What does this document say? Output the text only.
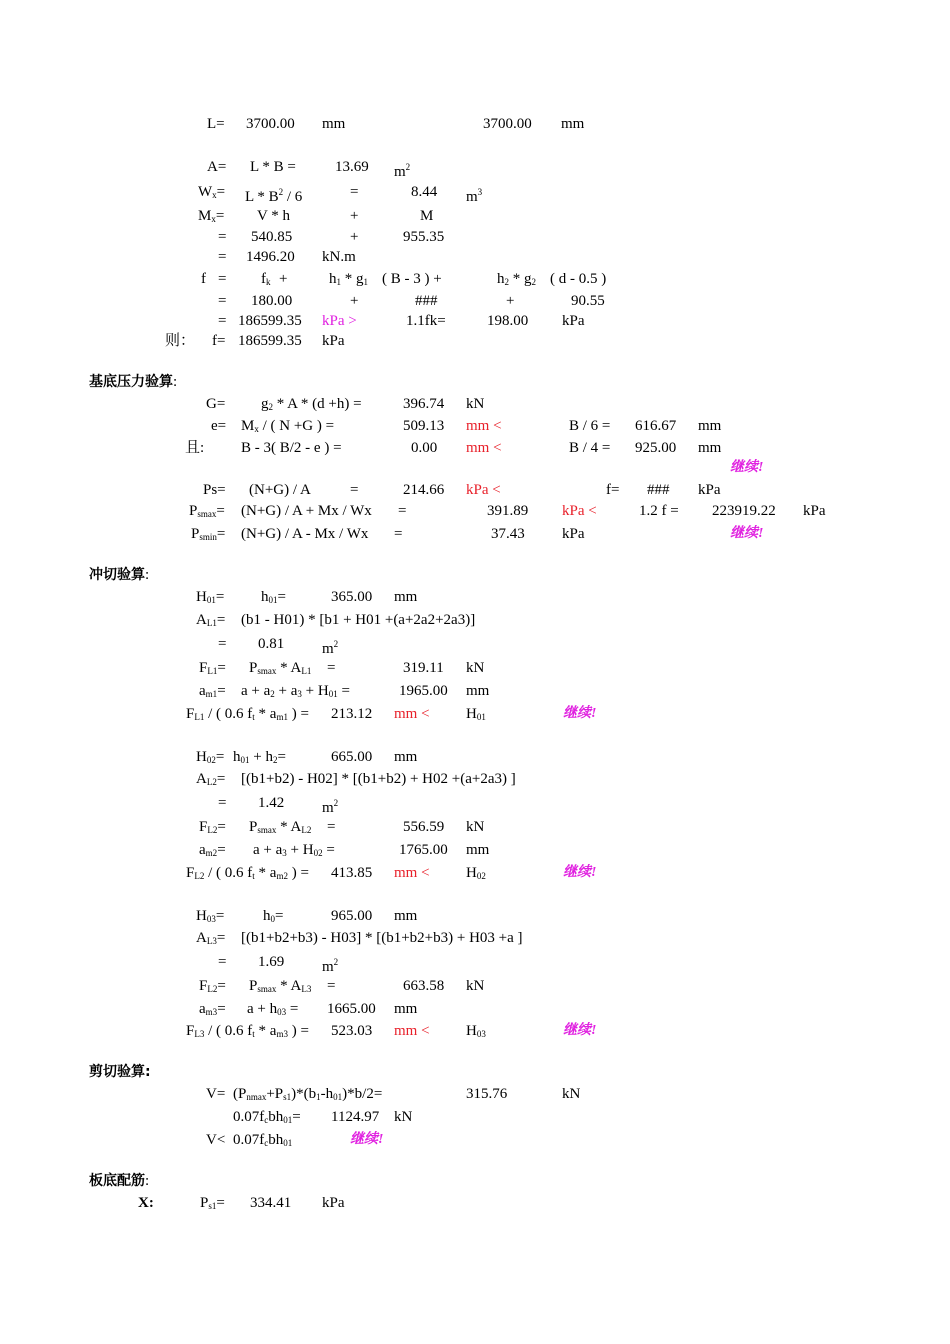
L= 3700.00 mm	3700.00 mm
A= L * B =	13.69 $m^2$
$W_x= L * B^2 / 6$	=	8.44 $m^3$
$M_x= V * h$	+	M
= 540.85	+	955.35
= 1496.20 kN.m
$f = f_k$ +	$h_1 * g_1$ ( B - 3 ) +	$h_2 * g_2$ ( d - 0.5 )
= 180.00	+	###	+	90.55
= 186599.35 kPa >	1.1fk=	198.00 kPa
则： f= 186599.35 kPa
基底压力验算:
$G= g_2 * A * (d +h)$ =	396.74 kN
$e= M_x$ / ( N +G ) =	509.13 mm <	B / 6 = 616.67 mm
且: B - 3( B/2 - e ) =	0.00 mm <	B / 4 = 925.00 mm
继续!
Ps= (N+G) / A	=	214.66 kPa <	f= ### kPa
$P_{smax}= (N+G) / A + Mx / Wx$ =	391.89 kPa <	1.2 f = 223919.22 kPa
$P_{smin}= (N+G) / A - Mx / Wx$ =	37.43 kPa	继续!
冲切验算:
$H_{01}= h_{01}=$	365.00 mm
$A_{L1}= (b1 - H01) * [b1 + H01 +(a+2a2+2a3)]$
= 0.81	$m^2$
$F_{L1}= P_{smax} * A_{L1}$ =	319.11 kN
$a_{m1}= a + a_2 + a_3 + H_{01}$ =	1965.00 mm
$F_{L1}$ / ( 0.6 $f_t * a_{m1}$ ) = 213.12 mm < $H_{01}$	继续!
$H_{02}= h_{01} + h_2=$	665.00 mm
$A_{L2}= [(b1+b2) - H02] * [(b1+b2) + H02 +(a+2a3)$ ]
= 1.42	$m^2$
$F_{L2}= P_{smax} * A_{L2}$ =	556.59 kN
$a_{m2}= a + a_3 + H_{02}$ =	1765.00 mm
$F_{L2}$ / ( 0.6 $f_t * a_{m2}$ ) = 413.85 mm < $H_{02}$	继续!
$H_{03}=$	$h_0=$	965.00 mm
$A_{L3}= [(b1+b2+b3) - H03] * [(b1+b2+b3) + H03 +a$ ]
= 1.69	$m^2$
$F_{L2}= P_{smax} * A_{L3}$ =	663.58 kN
$a_{m3}= a + h_{03} = 1665.00$ mm
$F_{L3}$ / ( 0.6 $f_t * a_{m3}$ ) = 523.03 mm < $H_{03}$	继续!
剪切验算:
$V= (P_{nmax}+P_{s1})*(b_1-h_{01})*b/2=$	315.76	kN
$0.07f_cbh_{01}= 1124.97$ kN
$V< 0.07f_cbh_{01}$	继续!
板底配筋:
X:	$P_{s1}= 334.41$ kPa
